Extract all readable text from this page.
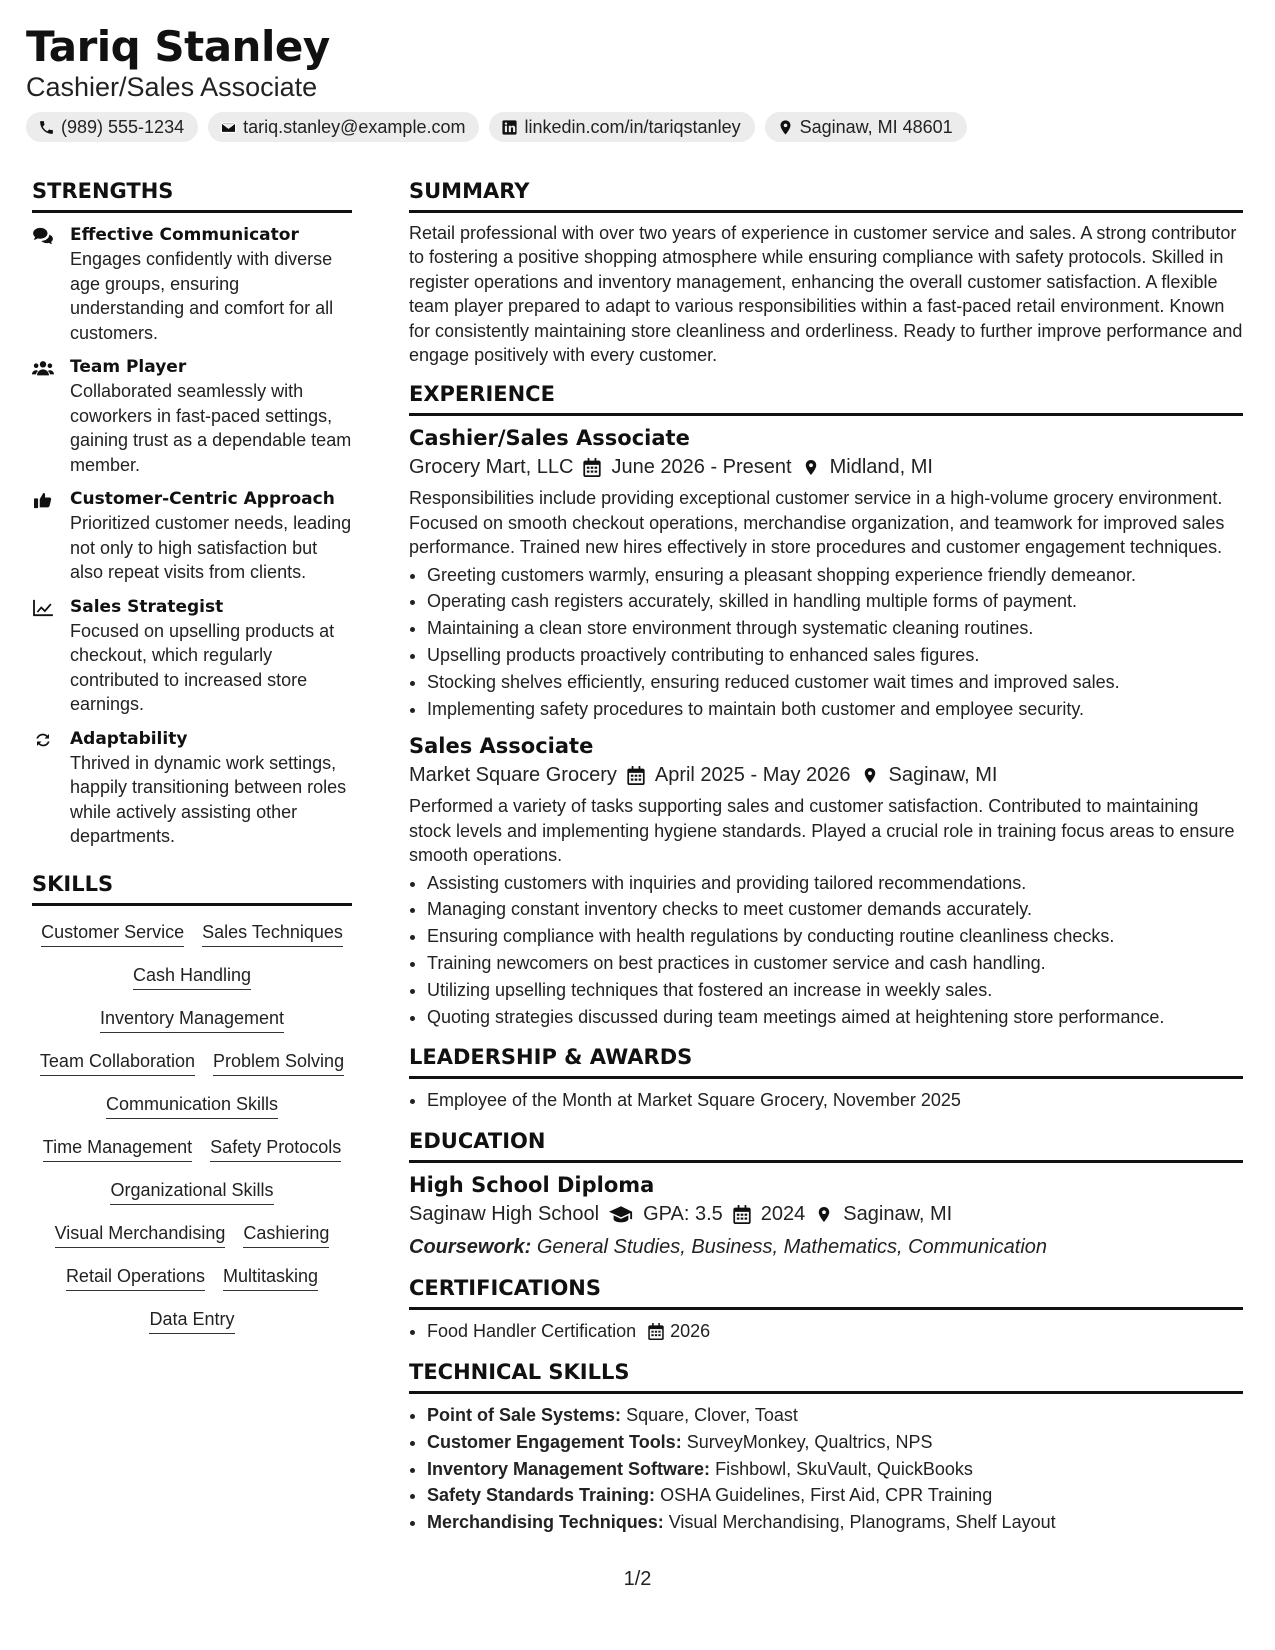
Tariq Stanley
Cashier/Sales Associate
(989) 555-1234	tariq.stanley@example.com	linkedin.com/in/tariqstanley	Saginaw, MI 48601
STRENGTHS
Effective Communicator
Engages confidently with diverse age groups, ensuring understanding and comfort for all customers.
Team Player
Collaborated seamlessly with coworkers in fast-paced settings, gaining trust as a dependable team member.
Customer-Centric Approach
Prioritized customer needs, leading not only to high satisfaction but also repeat visits from clients.
Sales Strategist
Focused on upselling products at checkout, which regularly contributed to increased store earnings.
Adaptability
Thrived in dynamic work settings, happily transitioning between roles while actively assisting other departments.
SKILLS
Customer Service Sales Techniques
Cash Handling
Inventory Management
Team Collaboration Problem Solving
Communication Skills
Time Management Safety Protocols
Organizational Skills
Visual Merchandising Cashiering
Retail Operations Multitasking
Data Entry
SUMMARY
Retail professional with over two years of experience in customer service and sales. A strong contributor to fostering a positive shopping atmosphere while ensuring compliance with safety protocols. Skilled in register operations and inventory management, enhancing the overall customer satisfaction. A flexible team player prepared to adapt to various responsibilities within a fast-paced retail environment. Known for consistently maintaining store cleanliness and orderliness. Ready to further improve performance and engage positively with every customer.
EXPERIENCE
Cashier/Sales Associate
Grocery Mart, LLC June 2026 - Present Midland, MI
Responsibilities include providing exceptional customer service in a high-volume grocery environment. Focused on smooth checkout operations, merchandise organization, and teamwork for improved sales performance. Trained new hires effectively in store procedures and customer engagement techniques.
• Greeting customers warmly, ensuring a pleasant shopping experience friendly demeanor.
• Operating cash registers accurately, skilled in handling multiple forms of payment.
• Maintaining a clean store environment through systematic cleaning routines.
• Upselling products proactively contributing to enhanced sales figures.
• Stocking shelves efficiently, ensuring reduced customer wait times and improved sales.
• Implementing safety procedures to maintain both customer and employee security.
Sales Associate
Market Square Grocery April 2025 - May 2026 Saginaw, MI
Performed a variety of tasks supporting sales and customer satisfaction. Contributed to maintaining stock levels and implementing hygiene standards. Played a crucial role in training focus areas to ensure smooth operations.
• Assisting customers with inquiries and providing tailored recommendations.
• Managing constant inventory checks to meet customer demands accurately.
• Ensuring compliance with health regulations by conducting routine cleanliness checks.
• Training newcomers on best practices in customer service and cash handling.
• Utilizing upselling techniques that fostered an increase in weekly sales.
• Quoting strategies discussed during team meetings aimed at heightening store performance.
LEADERSHIP & AWARDS
• Employee of the Month at Market Square Grocery, November 2025
EDUCATION
High School Diploma
Saginaw High School GPA: 3.5 2024 Saginaw, MI
Coursework: General Studies, Business, Mathematics, Communication
CERTIFICATIONS
• Food Handler Certification 2026
TECHNICAL SKILLS
• Point of Sale Systems: Square, Clover, Toast
• Customer Engagement Tools: SurveyMonkey, Qualtrics, NPS
• Inventory Management Software: Fishbowl, SkuVault, QuickBooks
• Safety Standards Training: OSHA Guidelines, First Aid, CPR Training
• Merchandising Techniques: Visual Merchandising, Planograms, Shelf Layout
1/2
